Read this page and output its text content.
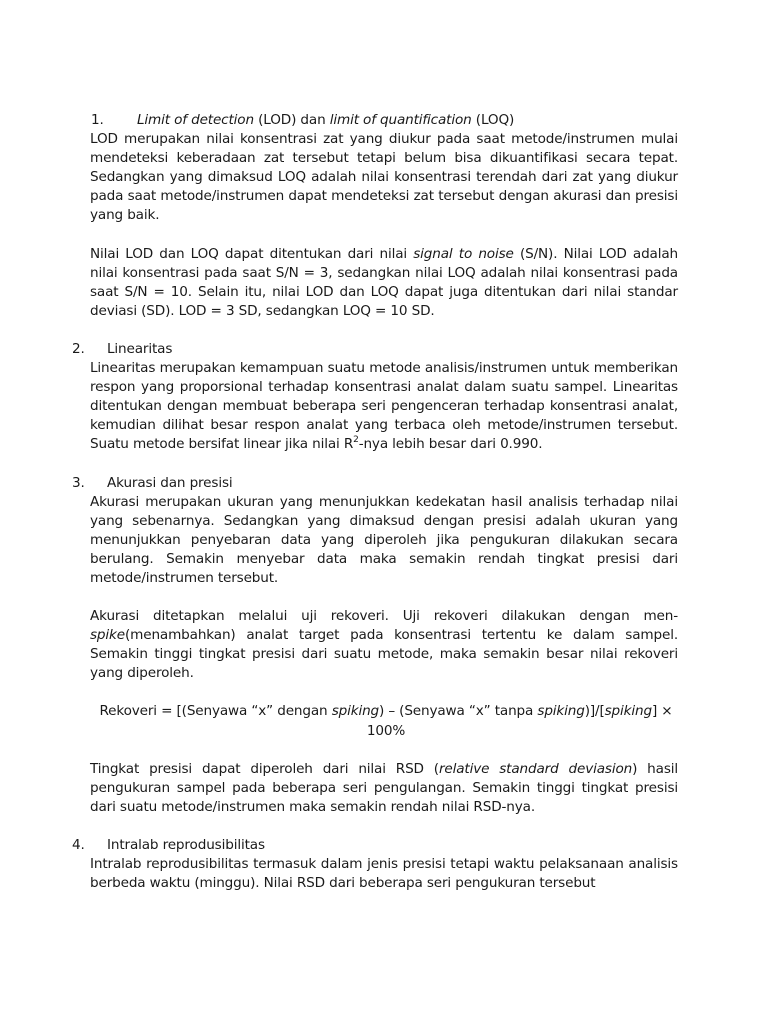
1. Limit of detection (LOD) dan limit of quantification (LOQ)

LOD merupakan nilai konsentrasi zat yang diukur pada saat metode/instrumen mulai mendeteksi keberadaan zat tersebut tetapi belum bisa dikuantifikasi secara tepat. Sedangkan yang dimaksud LOQ adalah nilai konsentrasi terendah dari zat yang diukur pada saat metode/instrumen dapat mendeteksi zat tersebut dengan akurasi dan presisi yang baik.

Nilai LOD dan LOQ dapat ditentukan dari nilai signal to noise (S/N). Nilai LOD adalah nilai konsentrasi pada saat S/N = 3, sedangkan nilai LOQ adalah nilai konsentrasi pada saat S/N = 10. Selain itu, nilai LOD dan LOQ dapat juga ditentukan dari nilai standar deviasi (SD). LOD = 3 SD, sedangkan LOQ = 10 SD.

2. Linearitas

Linearitas merupakan kemampuan suatu metode analisis/instrumen untuk memberikan respon yang proporsional terhadap konsentrasi analat dalam suatu sampel. Linearitas ditentukan dengan membuat beberapa seri pengenceran terhadap konsentrasi analat, kemudian dilihat besar respon analat yang terbaca oleh metode/instrumen tersebut. Suatu metode bersifat linear jika nilai $R^2$-nya lebih besar dari 0.990.

3. Akurasi dan presisi

Akurasi merupakan ukuran yang menunjukkan kedekatan hasil analisis terhadap nilai yang sebenarnya. Sedangkan yang dimaksud dengan presisi adalah ukuran yang menunjukkan penyebaran data yang diperoleh jika pengukuran dilakukan secara berulang. Semakin menyebar data maka semakin rendah tingkat presisi dari metode/instrumen tersebut.

Akurasi ditetapkan melalui uji rekoveri. Uji rekoveri dilakukan dengan men-spike(menambahkan) analat target pada konsentrasi tertentu ke dalam sampel. Semakin tinggi tingkat presisi dari suatu metode, maka semakin besar nilai rekoveri yang diperoleh.

Rekoveri = [(Senyawa “x” dengan spiking) – (Senyawa “x” tanpa spiking)]/[spiking] × 100%

Tingkat presisi dapat diperoleh dari nilai RSD (relative standard deviasion) hasil pengukuran sampel pada beberapa seri pengulangan. Semakin tinggi tingkat presisi dari suatu metode/instrumen maka semakin rendah nilai RSD-nya.

4. Intralab reprodusibilitas

Intralab reprodusibilitas termasuk dalam jenis presisi tetapi waktu pelaksanaan analisis berbeda waktu (minggu). Nilai RSD dari beberapa seri pengukuran tersebut
